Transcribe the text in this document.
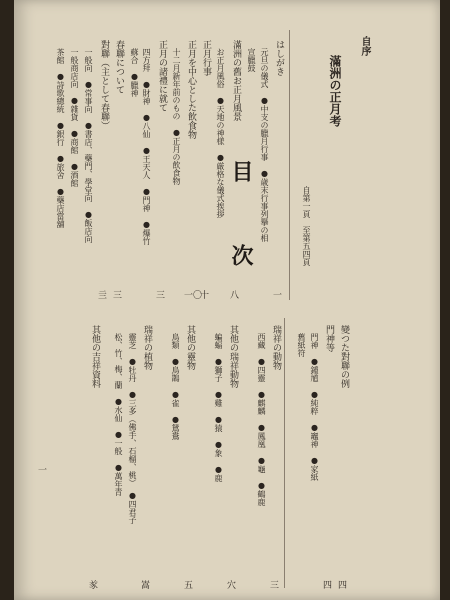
目　次
自序
滿洲の正月考
自第一頁　至第五四頁
はしがき
元旦の儀式　●中支の臘月行事　●歳末行事列擧の相
宣臘鼓
滿洲の舊お正月風景
お正月風俗　●天地の神様　●厳格な儀式挨拶
正月行事
正月を中心とした飲食物
十二月新年前のもの　●正月の飲食物
正月の諸禮に就て
四方拜　●財神　●八仙　●王天人　●門神　●爆竹
蘇合　●臘神
春聯について
對聯（主として春聯）
一般向　●常事向　●書店、藥門、學堂向　●飯店向
一般商店向　●雜貨　●商館　●酒館
茶館　●詩歌總統　●銀行　●旅舍　●藥店當舖
一
八
十
一〇
三
三
亖
變つた對聯の例
門神等
門神　●鍾馗　●純粹　●竈神　●家紙
舊紙符
瑞祥の動物
西藏　●四靈　●麒麟　●鳳凰　●龜　●鶴鹿
其他の瑞祥動物
蝙蝠　●獅子　●雞　●猿　●象　●鹿
其他の靈物
鳥類　●鳥鵲　●雀　●鴛鴦
瑞祥の植物
靈芝　●牡丹　●三多（佛手、石榴、桃）　●四君子
松、竹、梅、蘭　●水仙　●一般　●萬年青
其他の吉祥資料
四
四
三
穴
五
嵩
㒸
一
